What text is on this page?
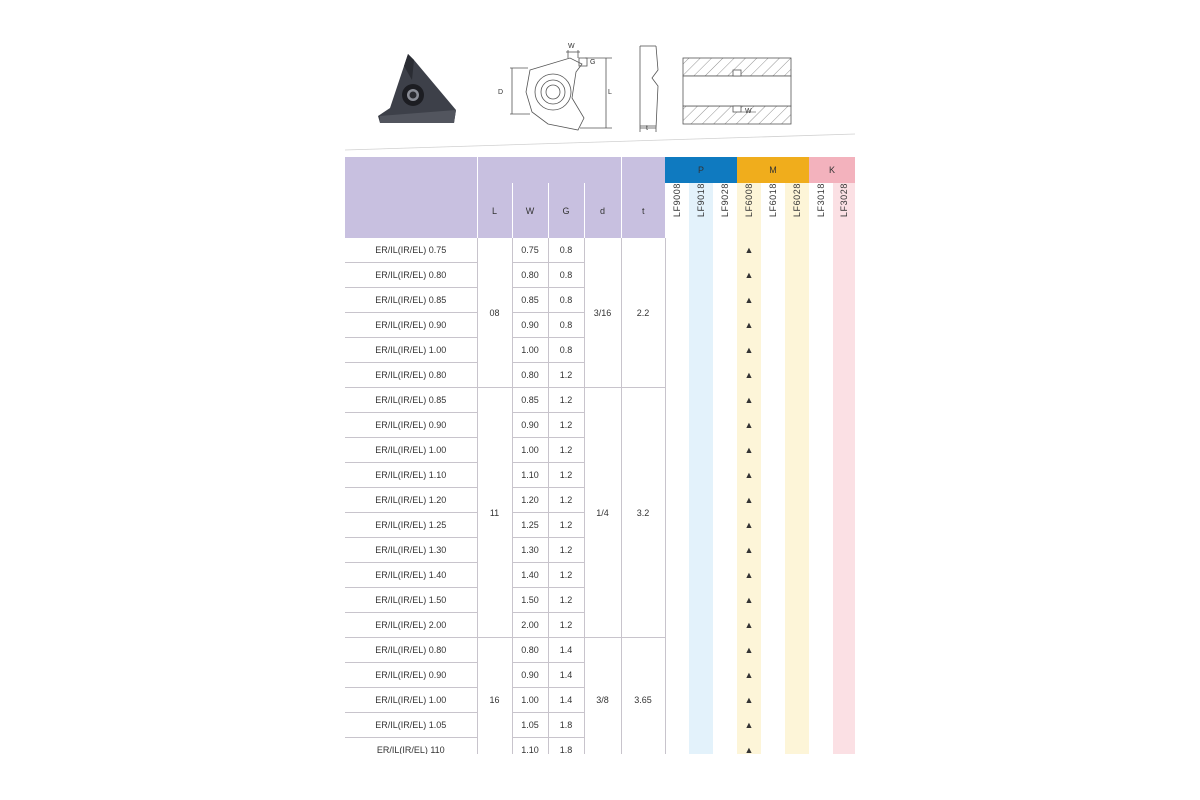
W
G
D	L
t
W
						P			M			K	
	L	W	G	d	t	LF9008	LF9018	LF9028	LF6008	LF6018	LF6028	LF3018	LF3028
ER/IL(IR/EL) 0.75	08	0.75	0.8	3/16	2.2				▲				
ER/IL(IR/EL) 0.80		0.80	0.8						▲				
ER/IL(IR/EL) 0.85		0.85	0.8						▲				
ER/IL(IR/EL) 0.90		0.90	0.8						▲				
ER/IL(IR/EL) 1.00		1.00	0.8						▲				
ER/IL(IR/EL) 0.80		0.80	1.2						▲				
ER/IL(IR/EL) 0.85	11	0.85	1.2	1/4	3.2				▲				
ER/IL(IR/EL) 0.90		0.90	1.2						▲				
ER/IL(IR/EL) 1.00		1.00	1.2						▲				
ER/IL(IR/EL) 1.10		1.10	1.2						▲				
ER/IL(IR/EL) 1.20		1.20	1.2						▲				
ER/IL(IR/EL) 1.25		1.25	1.2						▲				
ER/IL(IR/EL) 1.30		1.30	1.2						▲				
ER/IL(IR/EL) 1.40		1.40	1.2						▲				
ER/IL(IR/EL) 1.50		1.50	1.2						▲				
ER/IL(IR/EL) 2.00		2.00	1.2						▲				
ER/IL(IR/EL) 0.80	16	0.80	1.4	3/8	3.65				▲				
ER/IL(IR/EL) 0.90		0.90	1.4						▲				
ER/IL(IR/EL) 1.00		1.00	1.4						▲				
ER/IL(IR/EL) 1.05		1.05	1.8						▲				
ER/IL(IR/EL) 110		1.10	1.8						▲				
